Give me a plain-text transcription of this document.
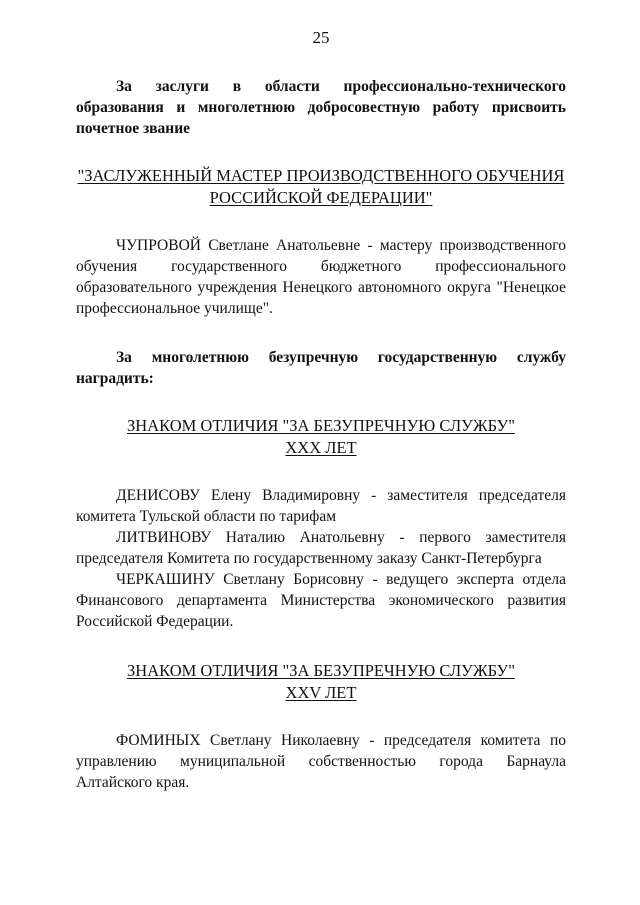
25

За заслуги в области профессионально-технического образования и многолетнюю добросовестную работу присвоить почетное звание

"ЗАСЛУЖЕННЫЙ МАСТЕР ПРОИЗВОДСТВЕННОГО ОБУЧЕНИЯ
РОССИЙСКОЙ ФЕДЕРАЦИИ"

ЧУПРОВОЙ Светлане Анатольевне - мастеру производственного обучения государственного бюджетного профессионального образовательного учреждения Ненецкого автономного округа "Ненецкое профессиональное училище".

За многолетнюю безупречную государственную службу наградить:

ЗНАКОМ ОТЛИЧИЯ "ЗА БЕЗУПРЕЧНУЮ СЛУЖБУ"
XXX ЛЕТ

ДЕНИСОВУ Елену Владимировну - заместителя председателя комитета Тульской области по тарифам

ЛИТВИНОВУ Наталию Анатольевну - первого заместителя председателя Комитета по государственному заказу Санкт-Петербурга

ЧЕРКАШИНУ Светлану Борисовну - ведущего эксперта отдела Финансового департамента Министерства экономического развития Российской Федерации.

ЗНАКОМ ОТЛИЧИЯ "ЗА БЕЗУПРЕЧНУЮ СЛУЖБУ"
XXV ЛЕТ

ФОМИНЫХ Светлану Николаевну - председателя комитета по управлению муниципальной собственностью города Барнаула Алтайского края.
